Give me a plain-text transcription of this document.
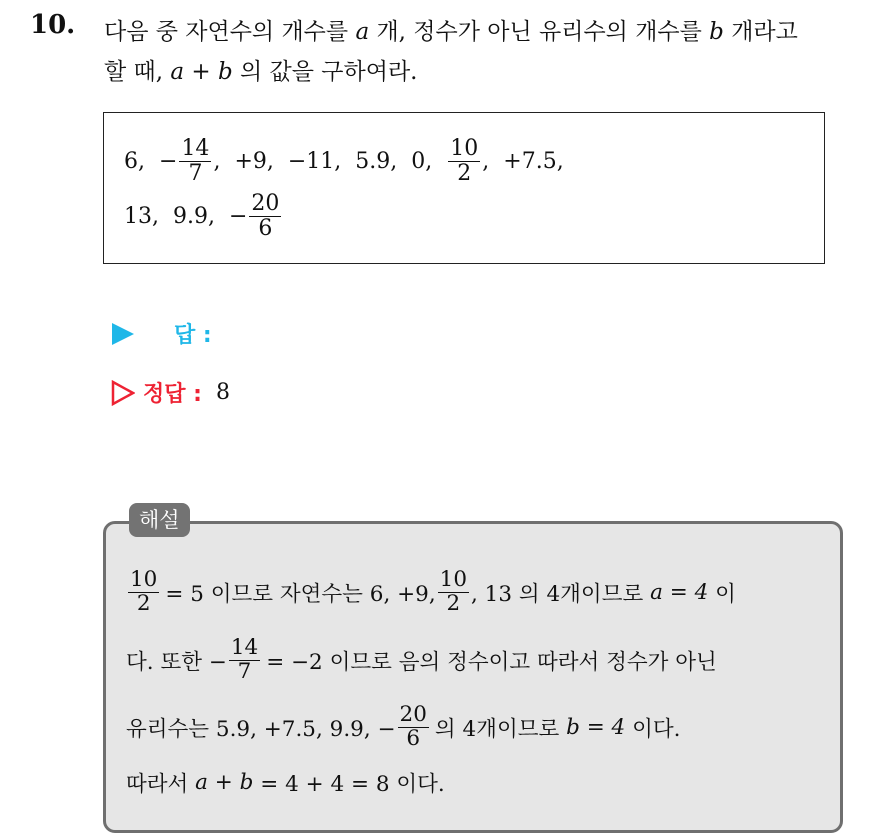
10. 다음 중 자연수의 개수를 a 개, 정수가 아닌 유리수의 개수를 b 개라고
할 때, a + b 의 값을 구하여라.
6,
− $\frac{14}{7}$ ,
+9,
−11,
5.9,
0,
$\frac{10}{2}$ ,
+7.5,
13,
9.9,
− $\frac{20}{6}$
답 :
정답 : 8
해설
$\frac{10}{2} = 5$ 이므로 자연수는 6, +9, $\frac{10}{2}$ , 13 의 4개이므로
a = 4
이
다. 또한 − $\frac{14}{7} = -2$ 이므로 음의 정수이고 따라서 정수가 아닌
유리수는 5.9, +7.5, 9.9, − $\frac{20}{6}$ 의 4개이므로
b = 4
이다.
따라서
a + b
= 4 + 4 = 8 이다.
